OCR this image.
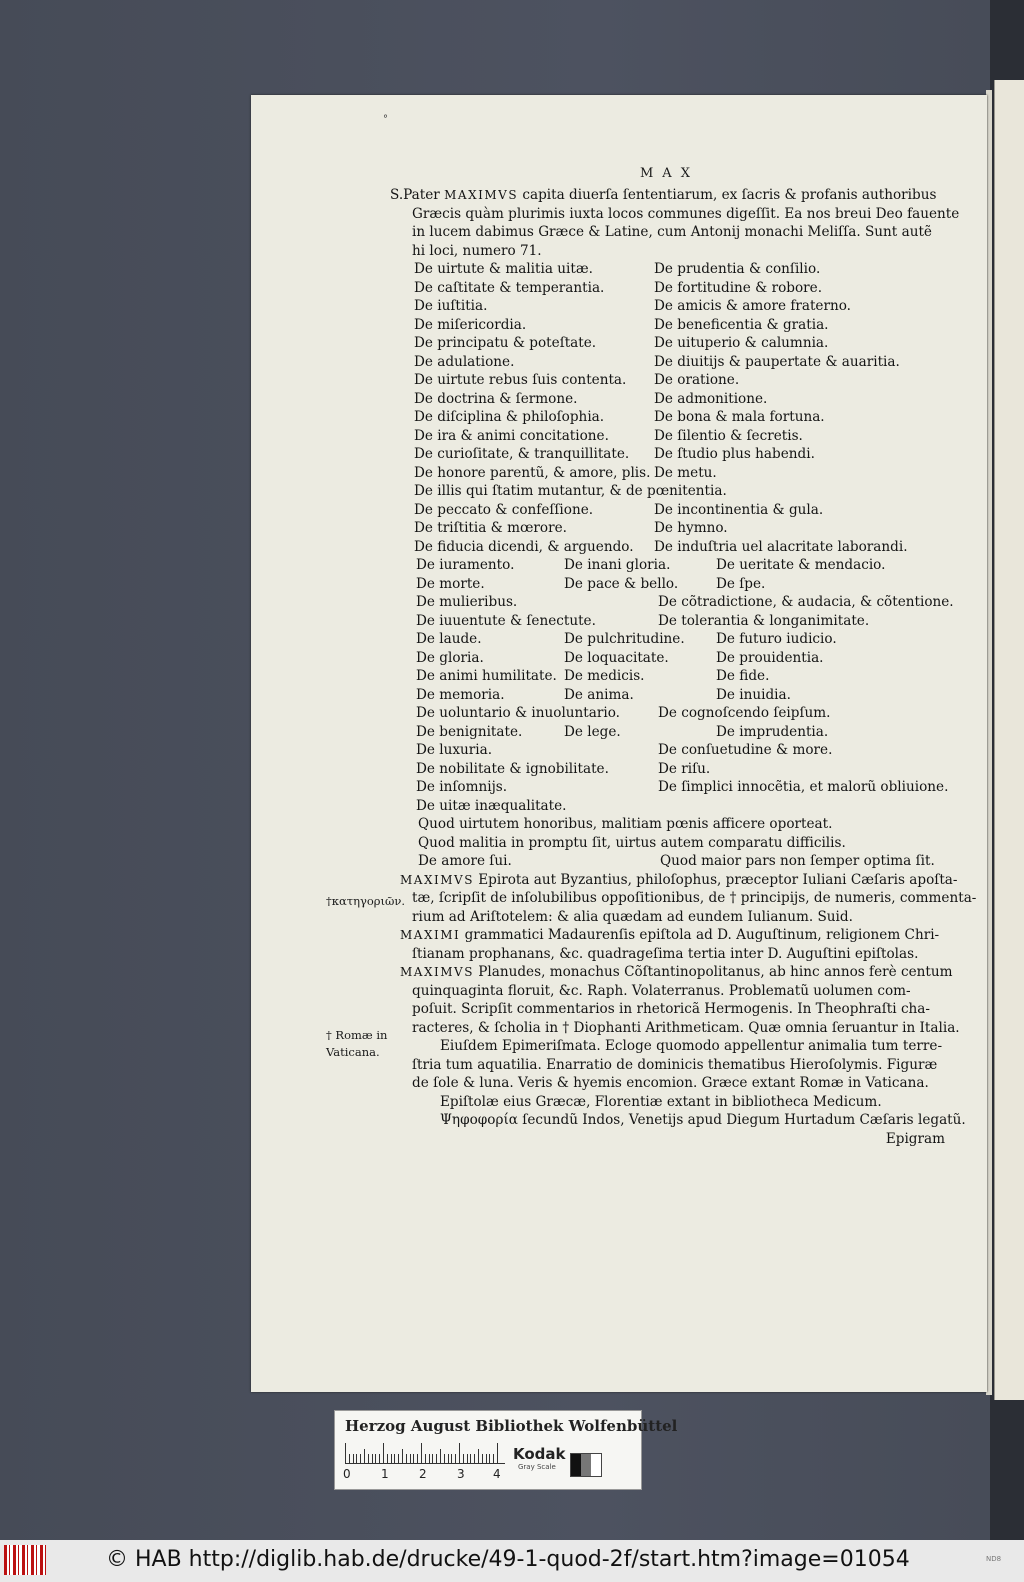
°
MAX
S.Pater MAXIMVS capita diuerſa ſententiarum, ex ſacris & profanis authoribus
Græcis quàm plurimis iuxta locos communes digeſſit. Ea nos breui Deo fauente
in lucem dabimus Græce & Latine, cum Antonij monachi Meliſſa. Sunt autẽ
hi loci, numero 71.
De uirtute & malitia uitæ.	De prudentia & conſilio.
De caſtitate & temperantia.	De fortitudine & robore.
De iuſtitia.	De amicis & amore fraterno.
De miſericordia.	De beneficentia & gratia.
De principatu & poteſtate.	De uituperio & calumnia.
De adulatione.	De diuitijs & paupertate & auaritia.
De uirtute rebus ſuis contenta. De oratione.
De doctrina & ſermone.	De admonitione.
De diſciplina & philoſophia.	De bona & mala fortuna.
De ira & animi concitatione.	De ſilentio & ſecretis.
De curioſitate, & tranquillitate. De ſtudio plus habendi.
De honore parentũ, & amore, plis. De metu.
De illis qui ſtatim mutantur, & de pœnitentia.
De peccato & confeſſione.	De incontinentia & gula.
De triſtitia & mœrore.	De hymno.
De fiducia dicendi, & arguendo. De induſtria uel alacritate laborandi.
De iuramento.	De inani gloria.	De ueritate & mendacio.
De morte.	De pace & bello.	De ſpe.
De mulieribus.	De cõtradictione, & audacia, & cõtentione.
De iuuentute & ſenectute.	De tolerantia & longanimitate.
De laude.	De pulchritudine. De futuro iudicio.
De gloria.	De loquacitate.	De prouidentia.
De animi humilitate. De medicis.	De fide.
De memoria.	De anima.	De inuidia.
De uoluntario & inuoluntario.	De cognoſcendo ſeipſum.
De benignitate.	De lege.	De imprudentia.
De luxuria.	De conſuetudine & more.
De nobilitate & ignobilitate.	De riſu.
De inſomnijs.	De ſimplici innocẽtia, et malorũ obliuione.
De uitæ inæqualitate.
Quod uirtutem honoribus, malitiam pœnis afficere oporteat.
Quod malitia in promptu ſit, uirtus autem comparatu difficilis.
De amore ſui.	Quod maior pars non ſemper optima ſit.
MAXIMVS Epirota aut Byzantius, philoſophus, præceptor Iuliani Cæſaris apoſta-
tæ, ſcripſit de inſolubilibus oppoſitionibus, de † principijs, de numeris, commenta-
rium ad Ariſtotelem: & alia quædam ad eundem Iulianum. Suid.
MAXIMI grammatici Madaurenſis epiſtola ad D. Auguſtinum, religionem Chri-
ſtianam prophanans, &c. quadrageſima tertia inter D. Auguſtini epiſtolas.
MAXIMVS Planudes, monachus Cõſtantinopolitanus, ab hinc annos ferè centum
quinquaginta floruit, &c. Raph. Volaterranus. Problematũ uolumen com-
poſuit. Scripſit commentarios in rhetoricã Hermogenis. In Theophraſti cha-
racteres, & ſcholia in † Diophanti Arithmeticam. Quæ omnia ſeruantur in Italia.
Eiuſdem Epimeriſmata. Ecloge quomodo appellentur animalia tum terre-
ſtria tum aquatilia. Enarratio de dominicis thematibus Hieroſolymis. Figuræ
de ſole & luna. Veris & hyemis encomion. Græce extant Romæ in Vaticana.
Epiſtolæ eius Græcæ, Florentiæ extant in bibliotheca Medicum.
Ψηφοφορία ſecundũ Indos, Venetijs apud Diegum Hurtadum Cæſaris legatũ.
Epigram
†κατηγοριῶν.
† Romæ in
Vaticana.
Herzog August Bibliothek Wolfenbüttel
0	1	2	3 4
Kodak
Gray Scale
© HAB http://diglib.hab.de/drucke/49-1-quod-2f/start.htm?image=01054	ND8
